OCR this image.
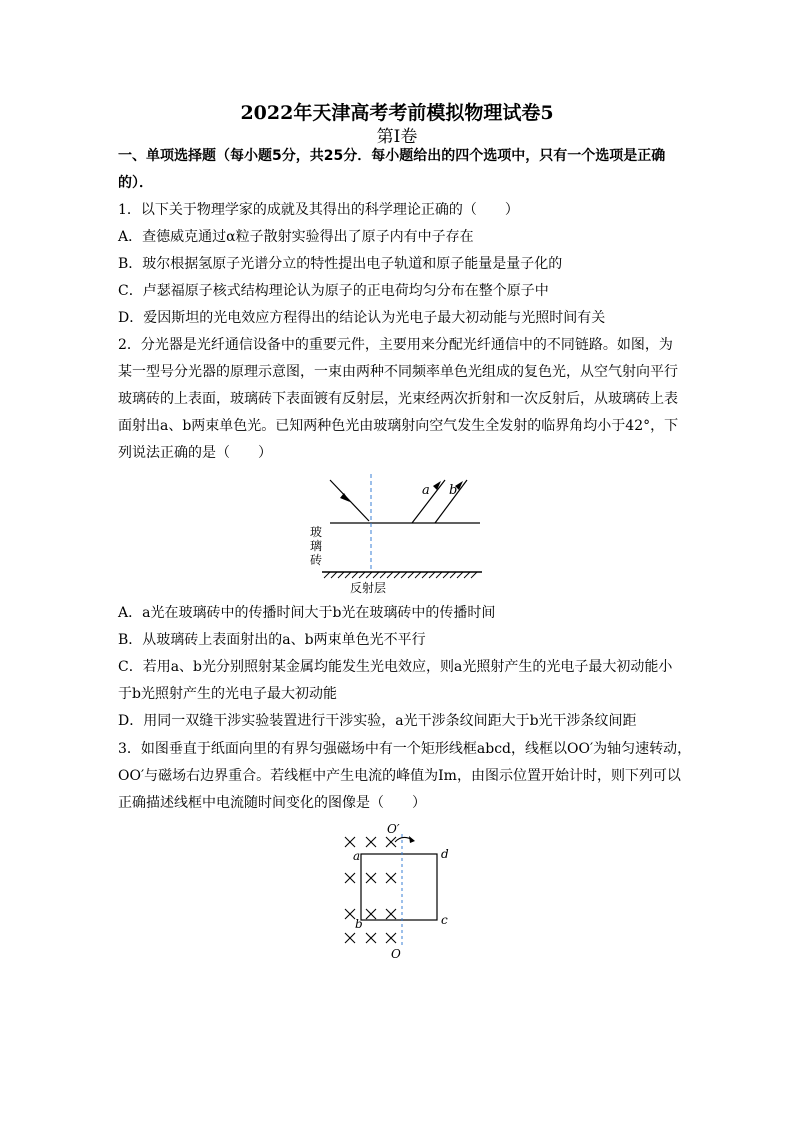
2022年天津高考考前模拟物理试卷5
第Ⅰ卷
一、单项选择题（每小题5分，共25分．每小题给出的四个选项中，只有一个选项是正确
的）．
1．以下关于物理学家的成就及其得出的科学理论正确的（　　）
A．查德威克通过α粒子散射实验得出了原子内有中子存在
B．玻尔根据氢原子光谱分立的特性提出电子轨道和原子能量是量子化的
C．卢瑟福原子核式结构理论认为原子的正电荷均匀分布在整个原子中
D．爱因斯坦的光电效应方程得出的结论认为光电子最大初动能与光照时间有关
2．分光器是光纤通信设备中的重要元件，主要用来分配光纤通信中的不同链路。如图，为
某一型号分光器的原理示意图，一束由两种不同频率单色光组成的复色光，从空气射向平行
玻璃砖的上表面，玻璃砖下表面镀有反射层，光束经两次折射和一次反射后，从玻璃砖上表
面射出a、b两束单色光。已知两种色光由玻璃射向空气发生全发射的临界角均小于42°，下
列说法正确的是（　　）
a b
玻
璃
砖
反射层
A．a光在玻璃砖中的传播时间大于b光在玻璃砖中的传播时间
B．从玻璃砖上表面射出的a、b两束单色光不平行
C．若用a、b光分别照射某金属均能发生光电效应，则a光照射产生的光电子最大初动能小
于b光照射产生的光电子最大初动能
D．用同一双缝干涉实验装置进行干涉实验，a光干涉条纹间距大于b光干涉条纹间距
3．如图垂直于纸面向里的有界匀强磁场中有一个矩形线框abcd，线框以OO′为轴匀速转动，
OO′与磁场右边界重合。若线框中产生电流的峰值为Im，由图示位置开始计时，则下列可以
正确描述线框中电流随时间变化的图像是（　　）
O′
O
a
b	c
d
